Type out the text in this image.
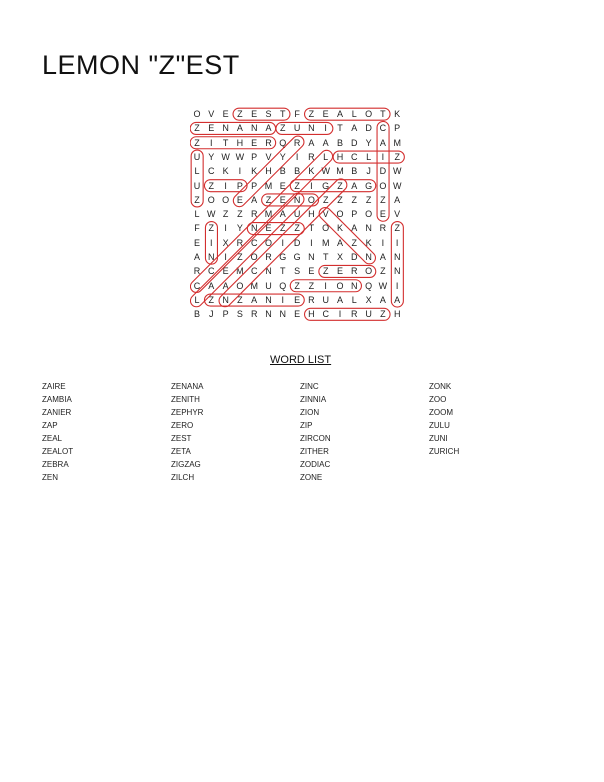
LEMON "Z"EST
O V E Z E S T F Z E A L O T K
Z E N A N A Z U N	I	T A D C P
Z	I	T H E R Q R A A B D Y A M
U Y W W P V Y	I	R L H C L	I	Z
L C K	I	K H B B K W M B	J D W
U Z	I	P P M E Z	I	G Z A G O W
Z O O E A Z E N O Z Z Z Z Z A
L W Z Z R M A U H V O P O E V
F Z	I	Y N E Z Z T O K A N R Z
E	I	X R C O	I	D	I	M A Z K	I	I
A N	I	Z O R G G N T X D N A N
R C E M C N T S E Z E R O Z N
C A A O M U Q Z Z	I	O N Q W I
L	Z N Z A N	I	E R U A L X A A
B	J	P S R N N E H C	I	R U Z H
WORD LIST
ZAIRE
ZAMBIA
ZANIER
ZAP
ZEAL
ZEALOT
ZEBRA
ZEN
ZENANA
ZENITH
ZEPHYR
ZERO
ZEST
ZETA
ZIGZAG
ZILCH
ZINC
ZINNIA
ZION
ZIP
ZIRCON
ZITHER
ZODIAC
ZONE
ZONK
ZOO
ZOOM
ZULU
ZUNI
ZURICH
